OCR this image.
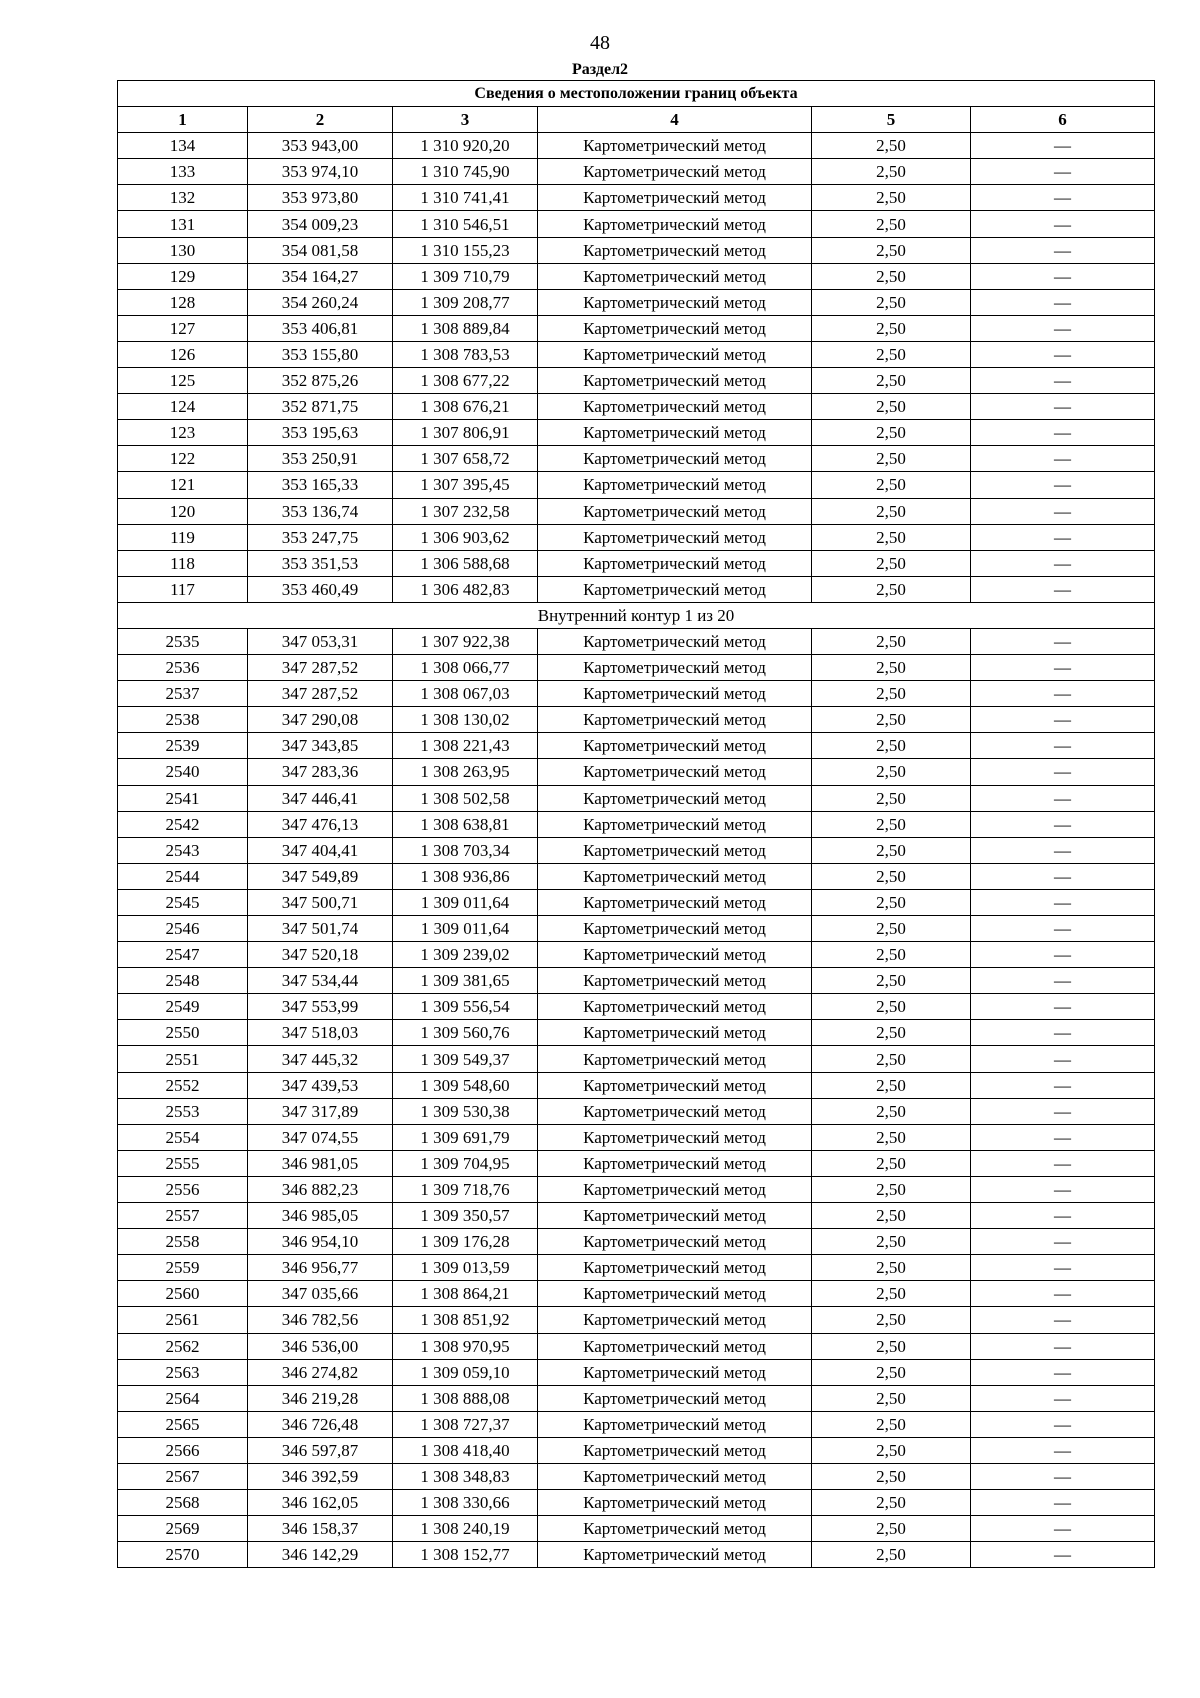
48
Раздел2
Сведения о местоположении границ объекта					
1	2	3	4	5	6
134	353 943,00	1 310 920,20	Картометрический метод	2,50	—
133	353 974,10	1 310 745,90	Картометрический метод	2,50	—
132	353 973,80	1 310 741,41	Картометрический метод	2,50	—
131	354 009,23	1 310 546,51	Картометрический метод	2,50	—
130	354 081,58	1 310 155,23	Картометрический метод	2,50	—
129	354 164,27	1 309 710,79	Картометрический метод	2,50	—
128	354 260,24	1 309 208,77	Картометрический метод	2,50	—
127	353 406,81	1 308 889,84	Картометрический метод	2,50	—
126	353 155,80	1 308 783,53	Картометрический метод	2,50	—
125	352 875,26	1 308 677,22	Картометрический метод	2,50	—
124	352 871,75	1 308 676,21	Картометрический метод	2,50	—
123	353 195,63	1 307 806,91	Картометрический метод	2,50	—
122	353 250,91	1 307 658,72	Картометрический метод	2,50	—
121	353 165,33	1 307 395,45	Картометрический метод	2,50	—
120	353 136,74	1 307 232,58	Картометрический метод	2,50	—
119	353 247,75	1 306 903,62	Картометрический метод	2,50	—
118	353 351,53	1 306 588,68	Картометрический метод	2,50	—
117	353 460,49	1 306 482,83	Картометрический метод	2,50	—
Внутренний контур 1 из 20					
2535	347 053,31	1 307 922,38	Картометрический метод	2,50	—
2536	347 287,52	1 308 066,77	Картометрический метод	2,50	—
2537	347 287,52	1 308 067,03	Картометрический метод	2,50	—
2538	347 290,08	1 308 130,02	Картометрический метод	2,50	—
2539	347 343,85	1 308 221,43	Картометрический метод	2,50	—
2540	347 283,36	1 308 263,95	Картометрический метод	2,50	—
2541	347 446,41	1 308 502,58	Картометрический метод	2,50	—
2542	347 476,13	1 308 638,81	Картометрический метод	2,50	—
2543	347 404,41	1 308 703,34	Картометрический метод	2,50	—
2544	347 549,89	1 308 936,86	Картометрический метод	2,50	—
2545	347 500,71	1 309 011,64	Картометрический метод	2,50	—
2546	347 501,74	1 309 011,64	Картометрический метод	2,50	—
2547	347 520,18	1 309 239,02	Картометрический метод	2,50	—
2548	347 534,44	1 309 381,65	Картометрический метод	2,50	—
2549	347 553,99	1 309 556,54	Картометрический метод	2,50	—
2550	347 518,03	1 309 560,76	Картометрический метод	2,50	—
2551	347 445,32	1 309 549,37	Картометрический метод	2,50	—
2552	347 439,53	1 309 548,60	Картометрический метод	2,50	—
2553	347 317,89	1 309 530,38	Картометрический метод	2,50	—
2554	347 074,55	1 309 691,79	Картометрический метод	2,50	—
2555	346 981,05	1 309 704,95	Картометрический метод	2,50	—
2556	346 882,23	1 309 718,76	Картометрический метод	2,50	—
2557	346 985,05	1 309 350,57	Картометрический метод	2,50	—
2558	346 954,10	1 309 176,28	Картометрический метод	2,50	—
2559	346 956,77	1 309 013,59	Картометрический метод	2,50	—
2560	347 035,66	1 308 864,21	Картометрический метод	2,50	—
2561	346 782,56	1 308 851,92	Картометрический метод	2,50	—
2562	346 536,00	1 308 970,95	Картометрический метод	2,50	—
2563	346 274,82	1 309 059,10	Картометрический метод	2,50	—
2564	346 219,28	1 308 888,08	Картометрический метод	2,50	—
2565	346 726,48	1 308 727,37	Картометрический метод	2,50	—
2566	346 597,87	1 308 418,40	Картометрический метод	2,50	—
2567	346 392,59	1 308 348,83	Картометрический метод	2,50	—
2568	346 162,05	1 308 330,66	Картометрический метод	2,50	—
2569	346 158,37	1 308 240,19	Картометрический метод	2,50	—
2570	346 142,29	1 308 152,77	Картометрический метод	2,50	—
